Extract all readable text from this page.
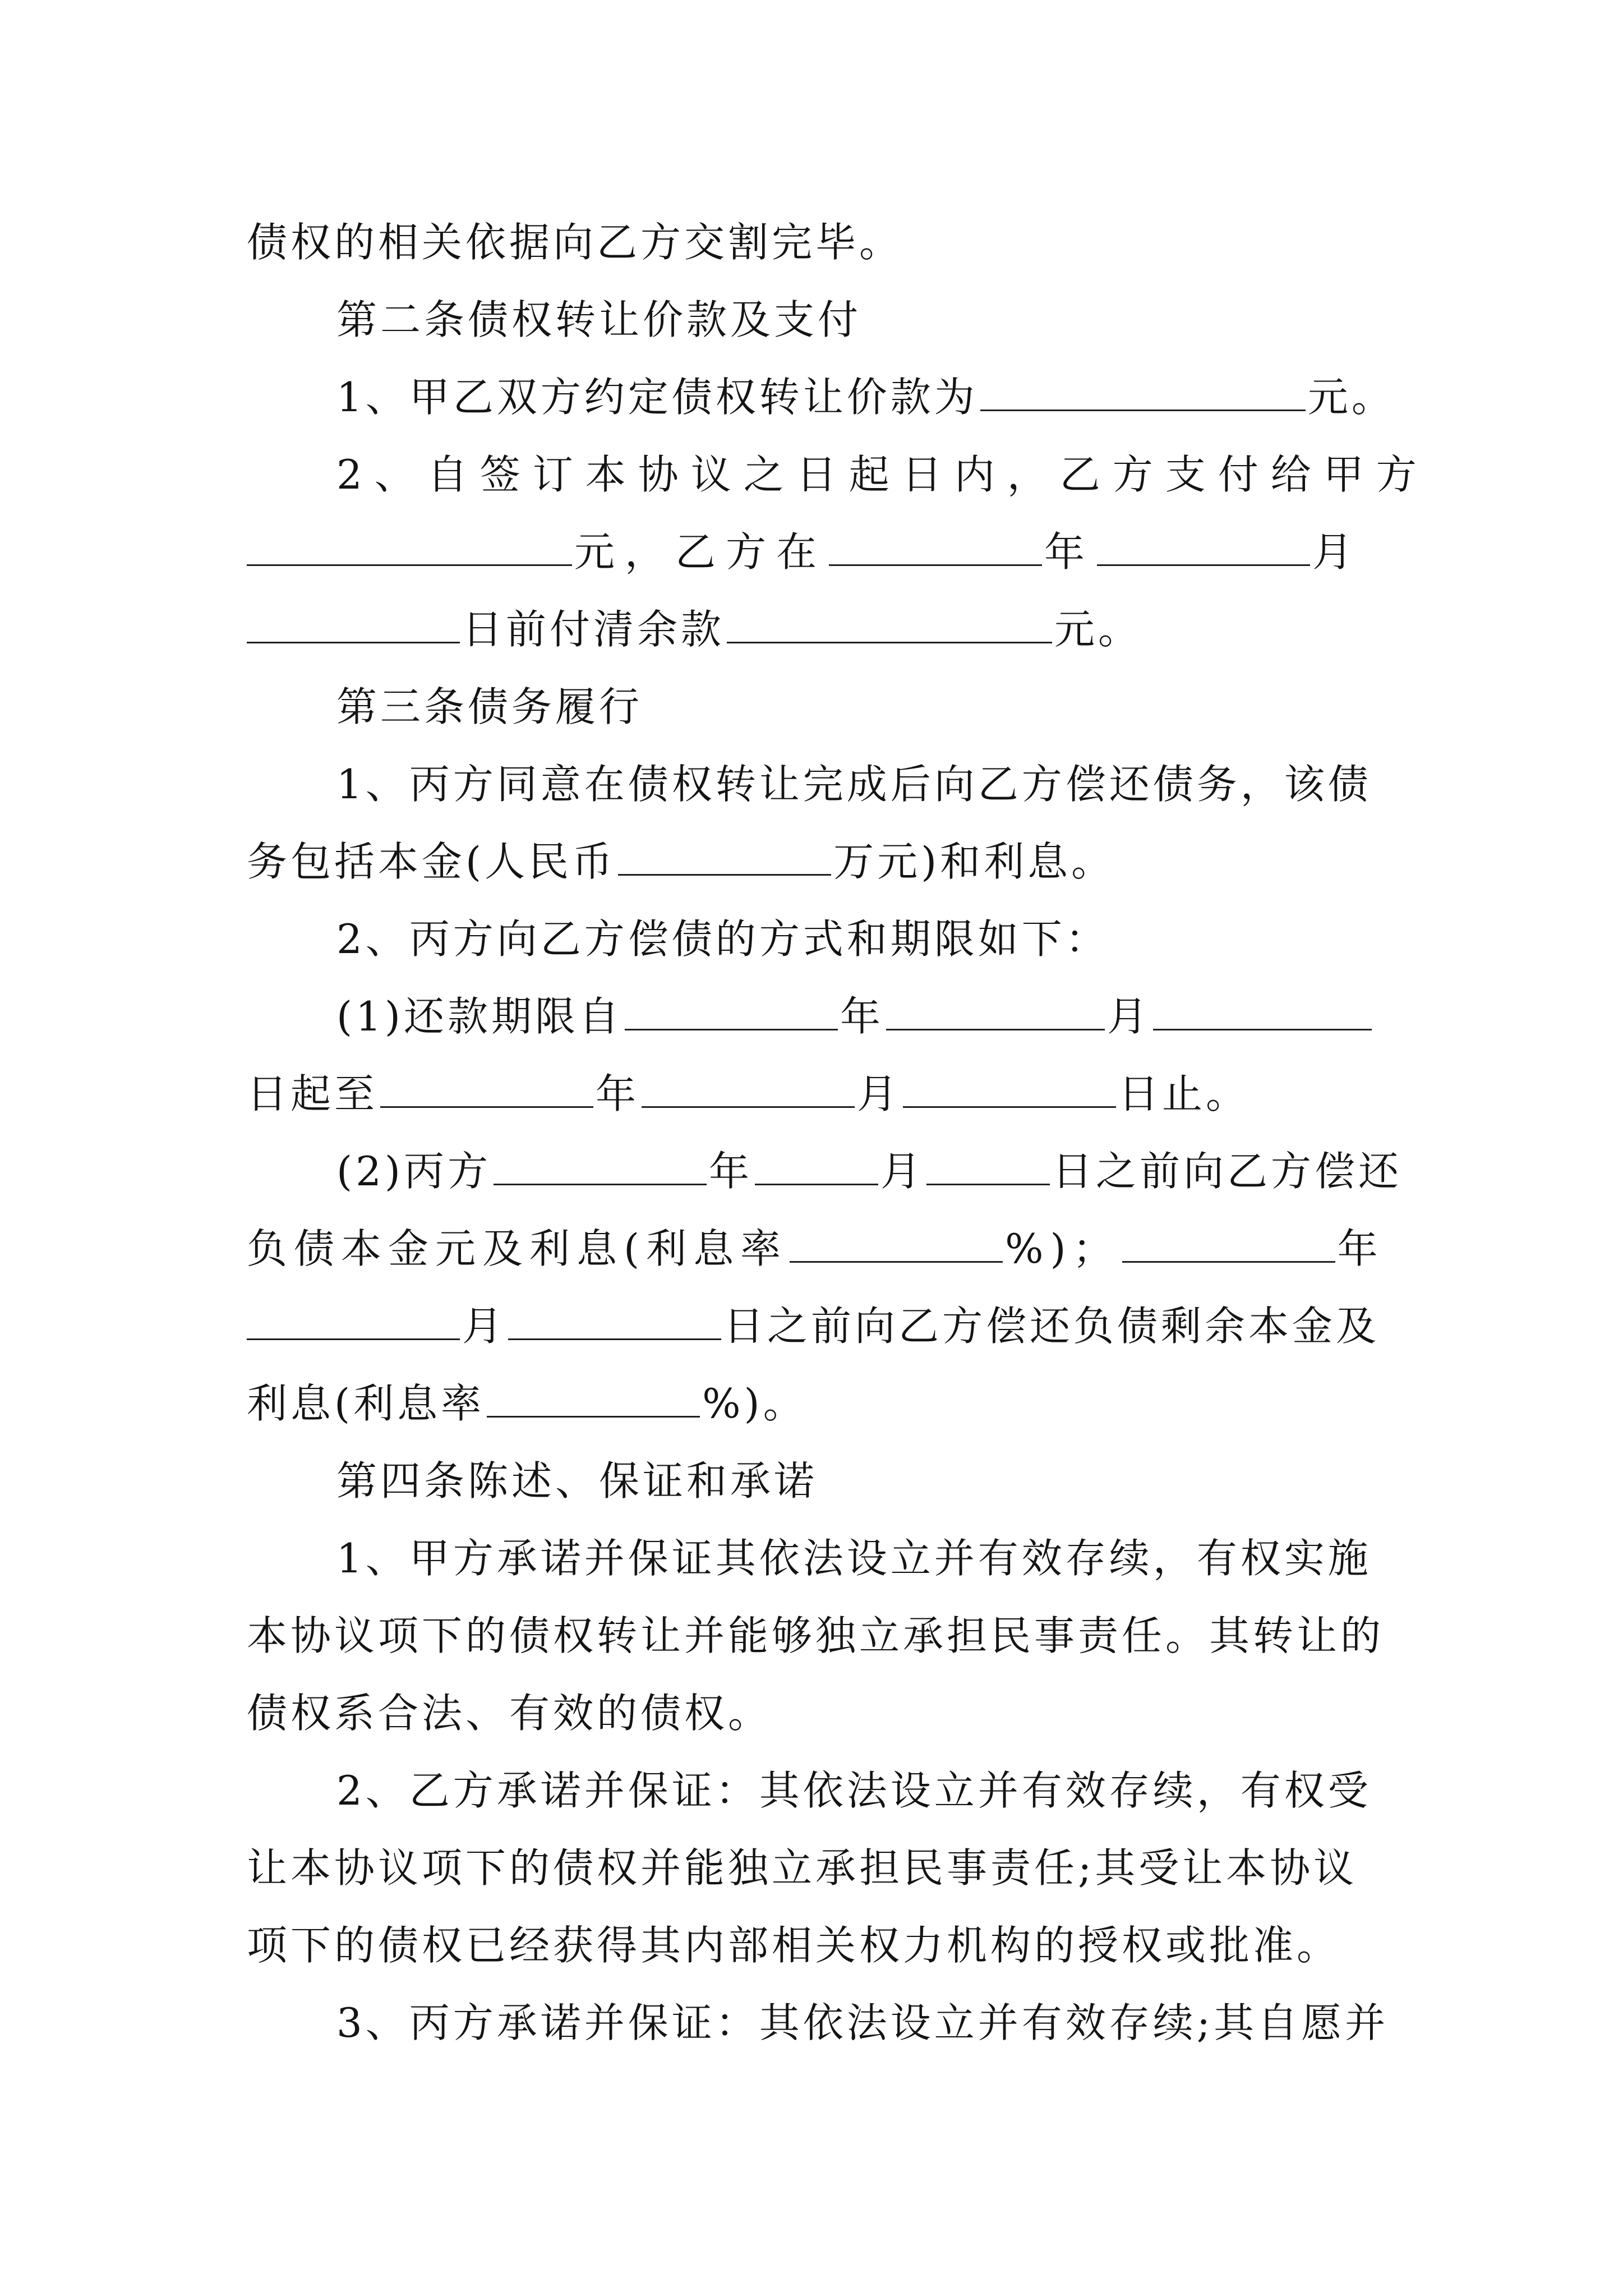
债权的相关依据向乙方交割完毕。
第二条债权转让价款及支付
1、甲乙双方约定债权转让价款为	元。
2、自签订本协议之日起日内，乙方支付给甲方
元，乙方在	年	月
日前付清余款	元。
第三条债务履行
1、丙方同意在债权转让完成后向乙方偿还债务，该债
务包括本金(人民币	万元)和利息。
2、丙方向乙方偿债的方式和期限如下：
(1)还款期限自	年	月
日起至	年	月	日止。
(2)丙方	年	月	日之前向乙方偿还
负债本金元及利息(利息率	%)；	年
月	日之前向乙方偿还负债剩余本金及
利息(利息率	%)。
第四条陈述、保证和承诺
1、甲方承诺并保证其依法设立并有效存续，有权实施
本协议项下的债权转让并能够独立承担民事责任。其转让的
债权系合法、有效的债权。
2、乙方承诺并保证：其依法设立并有效存续，有权受
让本协议项下的债权并能独立承担民事责任;其受让本协议
项下的债权已经获得其内部相关权力机构的授权或批准。
3、丙方承诺并保证：其依法设立并有效存续;其自愿并
